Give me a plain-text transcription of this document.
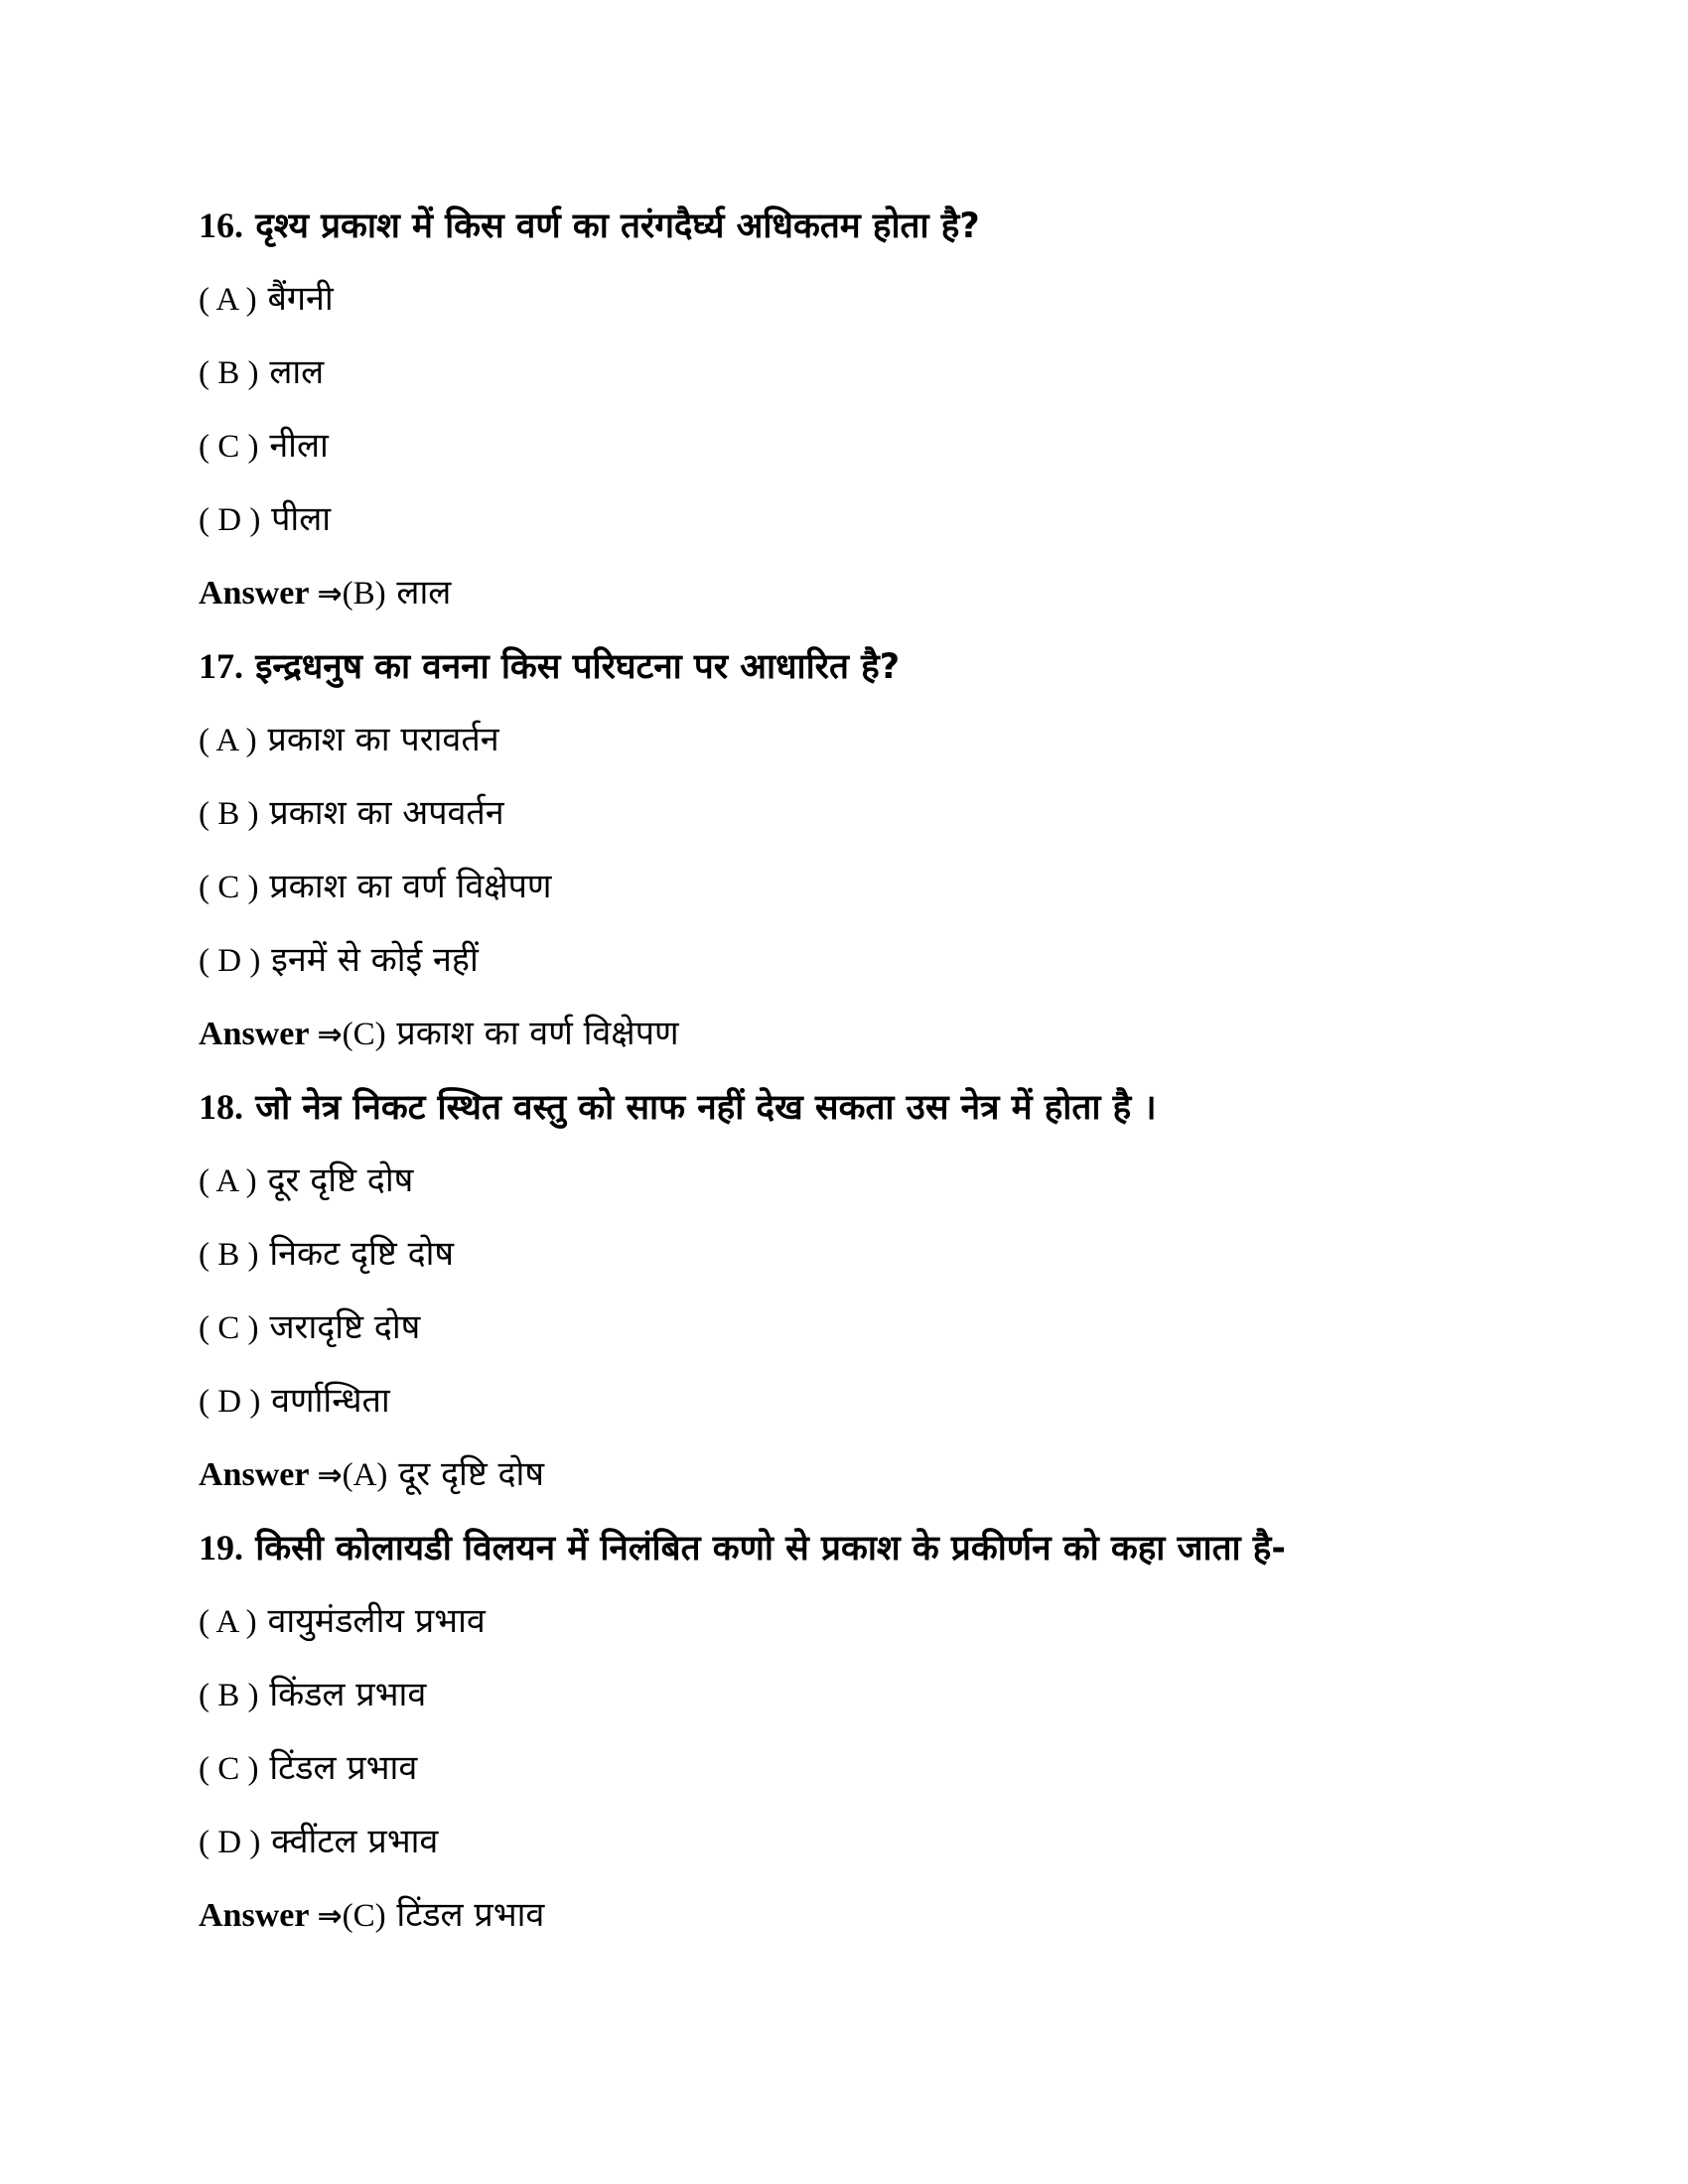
16. दृश्य प्रकाश में किस वर्ण का तरंगदैर्घ्य अधिकतम होता है?
( A ) बैंगनी
( B ) लाल
( C ) नीला
( D ) पीला
Answer ⇒(B) लाल
17. इन्द्रधनुष का वनना किस परिघटना पर आधारित है?
( A ) प्रकाश का परावर्तन
( B ) प्रकाश का अपवर्तन
( C ) प्रकाश का वर्ण विक्षेपण
( D ) इनमें से कोई नहीं
Answer ⇒(C) प्रकाश का वर्ण विक्षेपण
18. जो नेत्र निकट स्थित वस्तु को साफ नहीं देख सकता उस नेत्र में होता है ।
( A ) दूर दृष्टि दोष
( B ) निकट दृष्टि दोष
( C ) जरादृष्टि दोष
( D ) वर्णान्धिता
Answer ⇒(A) दूर दृष्टि दोष
19. किसी कोलायडी विलयन में निलंबित कणो से प्रकाश के प्रकीर्णन को कहा जाता है-
( A ) वायुमंडलीय प्रभाव
( B ) किंडल प्रभाव
( C ) टिंडल प्रभाव
( D ) क्वींटल प्रभाव
Answer ⇒(C) टिंडल प्रभाव
